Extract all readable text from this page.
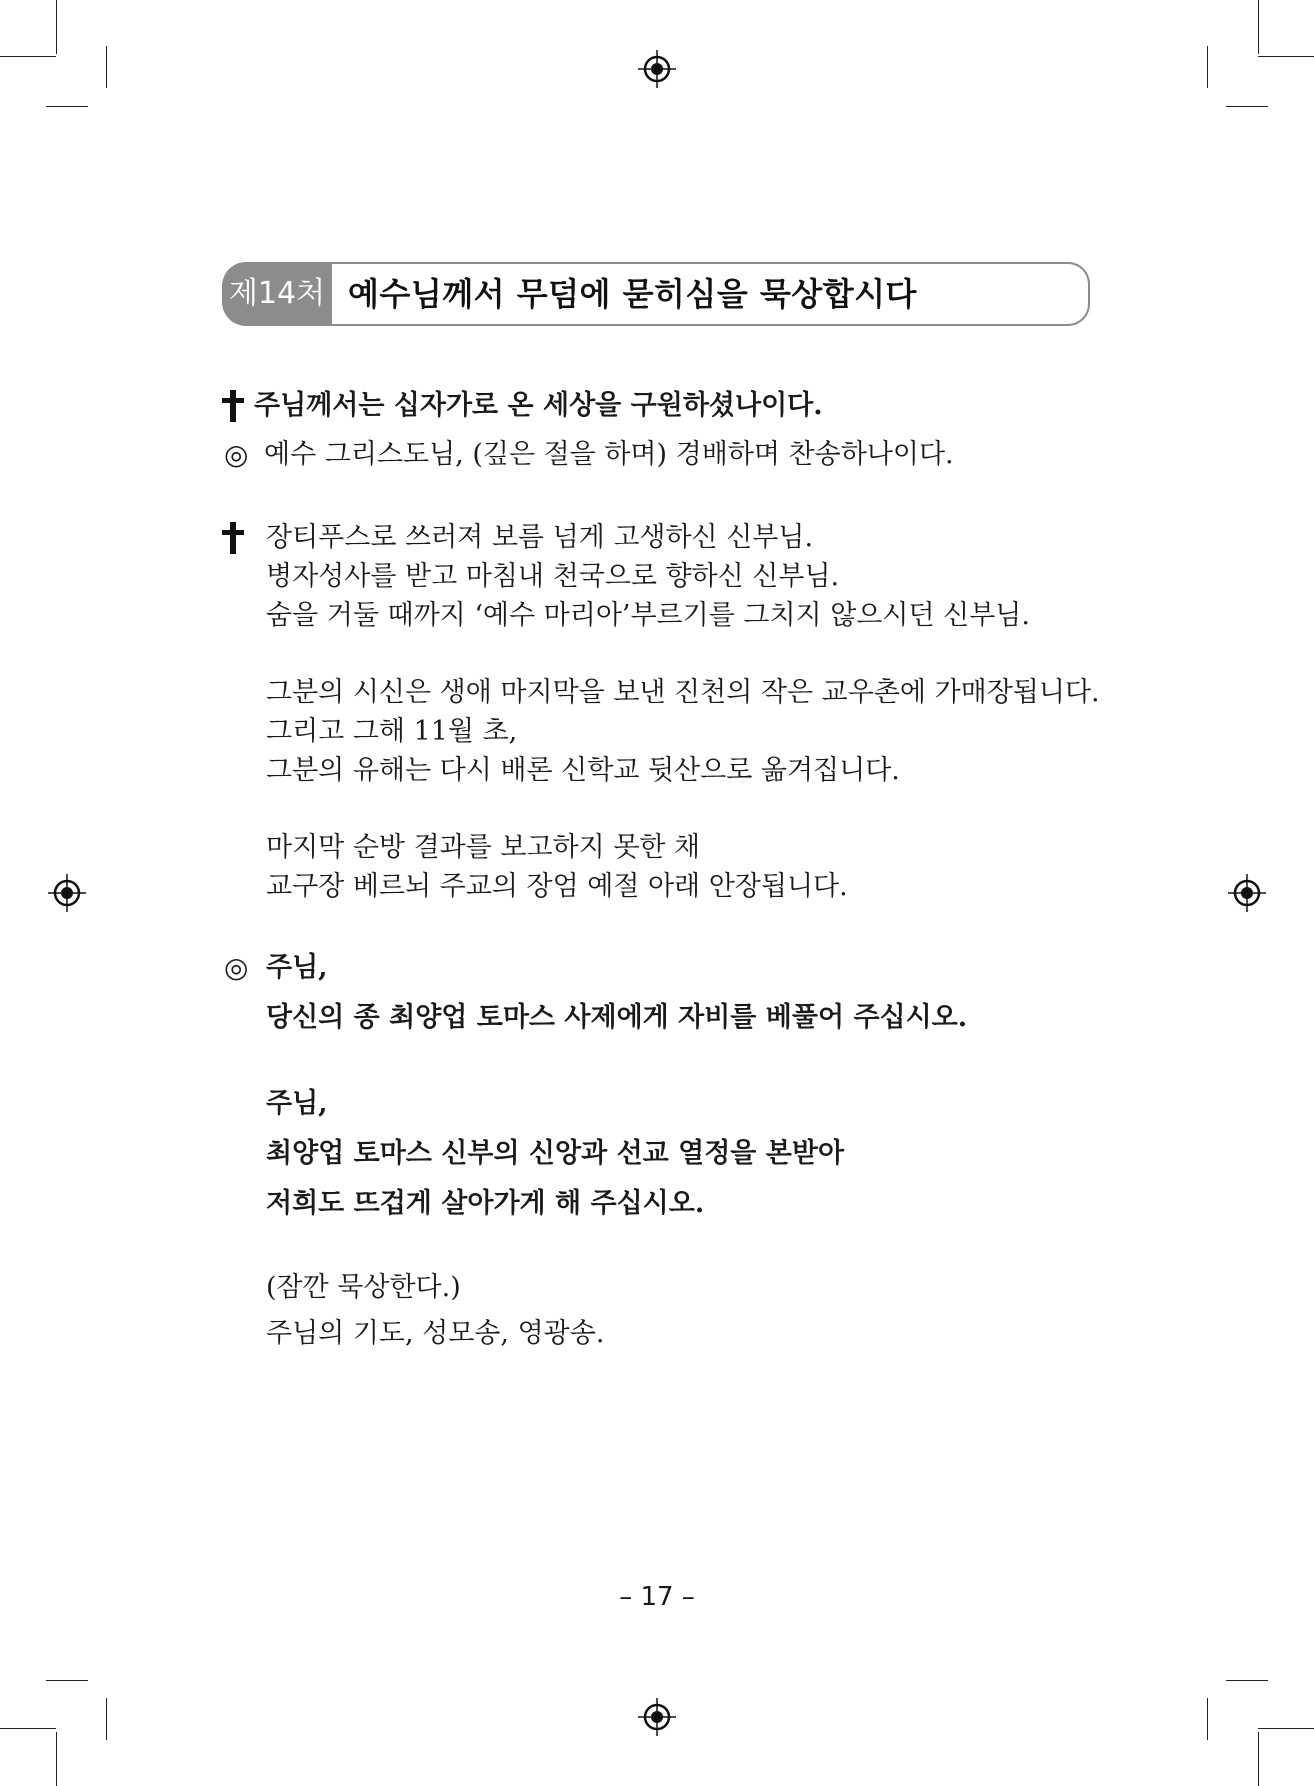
제14처 예수님께서 무덤에 묻히심을 묵상합시다
주님께서는 십자가로 온 세상을 구원하셨나이다.
◎ 예수 그리스도님, (깊은 절을 하며) 경배하며 찬송하나이다.
장티푸스로 쓰러져 보름 넘게 고생하신 신부님.
병자성사를 받고 마침내 천국으로 향하신 신부님.
숨을 거둘 때까지 ‘예수 마리아’부르기를 그치지 않으시던 신부님.
그분의 시신은 생애 마지막을 보낸 진천의 작은 교우촌에 가매장됩니다.
그리고 그해 11월 초,
그분의 유해는 다시 배론 신학교 뒷산으로 옮겨집니다.
마지막 순방 결과를 보고하지 못한 채
교구장 베르뇌 주교의 장엄 예절 아래 안장됩니다.
◎ 주님,
당신의 종 최양업 토마스 사제에게 자비를 베풀어 주십시오.
주님,
최양업 토마스 신부의 신앙과 선교 열정을 본받아
저희도 뜨겁게 살아가게 해 주십시오.
(잠깐 묵상한다.)
주님의 기도, 성모송, 영광송.
– 17 –
